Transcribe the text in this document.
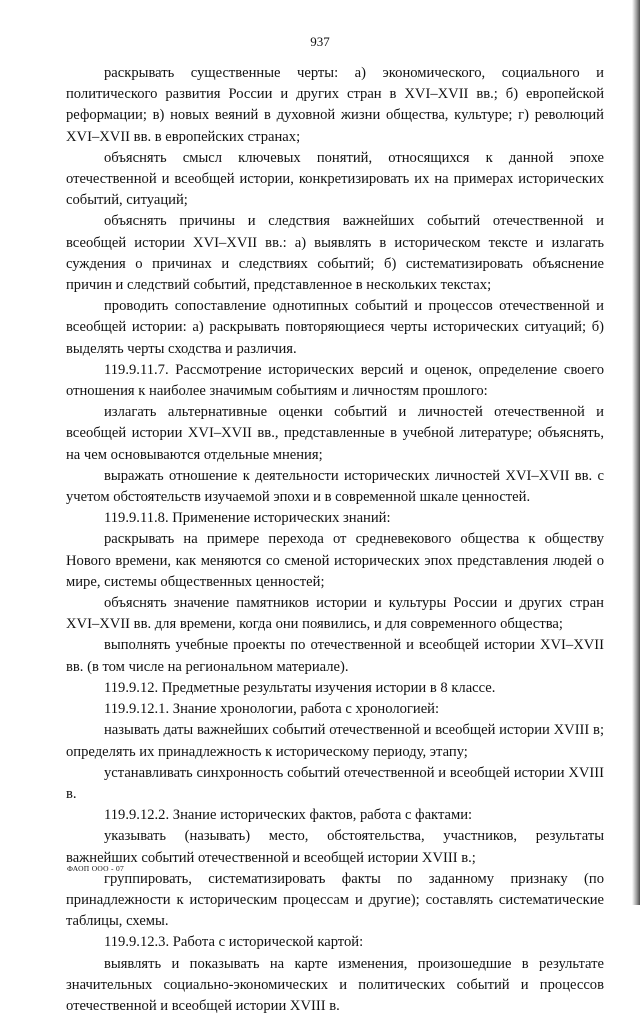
937

раскрывать существенные черты: а) экономического, социального и политического развития России и других стран в XVI–XVII вв.; б) европейской реформации; в) новых веяний в духовной жизни общества, культуре; г) революций XVI–XVII вв. в европейских странах;

объяснять смысл ключевых понятий, относящихся к данной эпохе отечественной и всеобщей истории, конкретизировать их на примерах исторических событий, ситуаций;

объяснять причины и следствия важнейших событий отечественной и всеобщей истории XVI–XVII вв.: а) выявлять в историческом тексте и излагать суждения о причинах и следствиях событий; б) систематизировать объяснение причин и следствий событий, представленное в нескольких текстах;

проводить сопоставление однотипных событий и процессов отечественной и всеобщей истории: а) раскрывать повторяющиеся черты исторических ситуаций; б) выделять черты сходства и различия.

119.9.11.7. Рассмотрение исторических версий и оценок, определение своего отношения к наиболее значимым событиям и личностям прошлого:

излагать альтернативные оценки событий и личностей отечественной и всеобщей истории XVI–XVII вв., представленные в учебной литературе; объяснять, на чем основываются отдельные мнения;

выражать отношение к деятельности исторических личностей XVI–XVII вв. с учетом обстоятельств изучаемой эпохи и в современной шкале ценностей.

119.9.11.8. Применение исторических знаний:

раскрывать на примере перехода от средневекового общества к обществу Нового времени, как меняются со сменой исторических эпох представления людей о мире, системы общественных ценностей;

объяснять значение памятников истории и культуры России и других стран XVI–XVII вв. для времени, когда они появились, и для современного общества;

выполнять учебные проекты по отечественной и всеобщей истории XVI–XVII вв. (в том числе на региональном материале).

119.9.12. Предметные результаты изучения истории в 8 классе.

119.9.12.1. Знание хронологии, работа с хронологией:

называть даты важнейших событий отечественной и всеобщей истории XVIII в; определять их принадлежность к историческому периоду, этапу;

устанавливать синхронность событий отечественной и всеобщей истории XVIII в.

119.9.12.2. Знание исторических фактов, работа с фактами:

указывать (называть) место, обстоятельства, участников, результаты важнейших событий отечественной и всеобщей истории XVIII в.;

группировать, систематизировать факты по заданному признаку (по принадлежности к историческим процессам и другие); составлять систематические таблицы, схемы.

119.9.12.3. Работа с исторической картой:

выявлять и показывать на карте изменения, произошедшие в результате значительных социально-экономических и политических событий и процессов отечественной и всеобщей истории XVIII в.

ФАОП ООО - 07
